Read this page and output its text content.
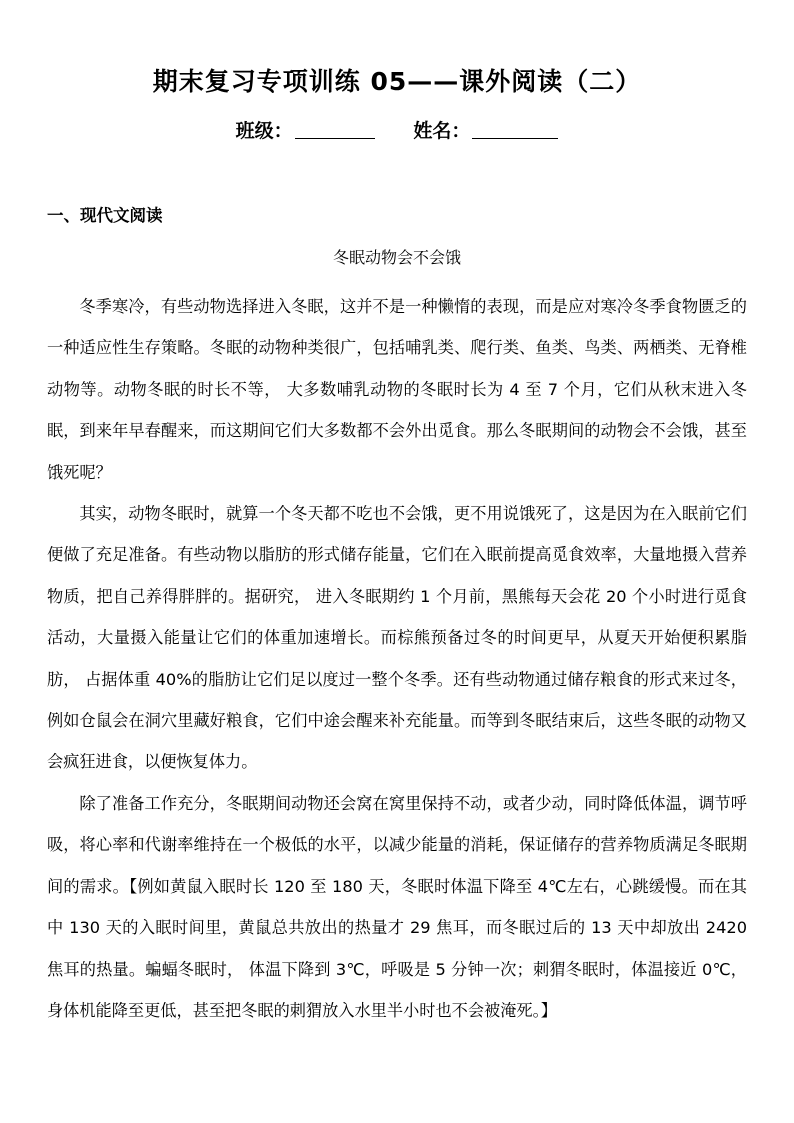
期末复习专项训练 05——课外阅读（二）
班级：	姓名：
一、现代文阅读
冬眠动物会不会饿

冬季寒冷，有些动物选择进入冬眠，这并不是一种懒惰的表现，而是应对寒冷冬季食物匮乏的一种适应性生存策略。冬眠的动物种类很广，包括哺乳类、爬行类、鱼类、鸟类、两栖类、无脊椎动物等。动物冬眠的时长不等， 大多数哺乳动物的冬眠时长为 4 至 7 个月，它们从秋末进入冬眠，到来年早春醒来，而这期间它们大多数都不会外出觅食。那么冬眠期间的动物会不会饿，甚至饿死呢？

其实，动物冬眠时，就算一个冬天都不吃也不会饿，更不用说饿死了，这是因为在入眠前它们便做了充足准备。有些动物以脂肪的形式储存能量，它们在入眠前提高觅食效率，大量地摄入营养物质，把自己养得胖胖的。据研究， 进入冬眠期约 1 个月前，黑熊每天会花 20 个小时进行觅食活动，大量摄入能量让它们的体重加速增长。而棕熊预备过冬的时间更早，从夏天开始便积累脂肪， 占据体重 40%的脂肪让它们足以度过一整个冬季。还有些动物通过储存粮食的形式来过冬，例如仓鼠会在洞穴里藏好粮食，它们中途会醒来补充能量。而等到冬眠结束后，这些冬眠的动物又会疯狂进食，以便恢复体力。

除了准备工作充分，冬眠期间动物还会窝在窝里保持不动，或者少动，同时降低体温，调节呼吸，将心率和代谢率维持在一个极低的水平，以减少能量的消耗，保证储存的营养物质满足冬眠期间的需求。【例如黄鼠入眠时长 120 至 180 天，冬眠时体温下降至 4℃左右，心跳缓慢。而在其中 130 天的入眠时间里，黄鼠总共放出的热量才 29 焦耳，而冬眠过后的 13 天中却放出 2420 焦耳的热量。蝙蝠冬眠时， 体温下降到 3℃，呼吸是 5 分钟一次；刺猬冬眠时，体温接近 0℃，身体机能降至更低，甚至把冬眠的刺猬放入水里半小时也不会被淹死。】
